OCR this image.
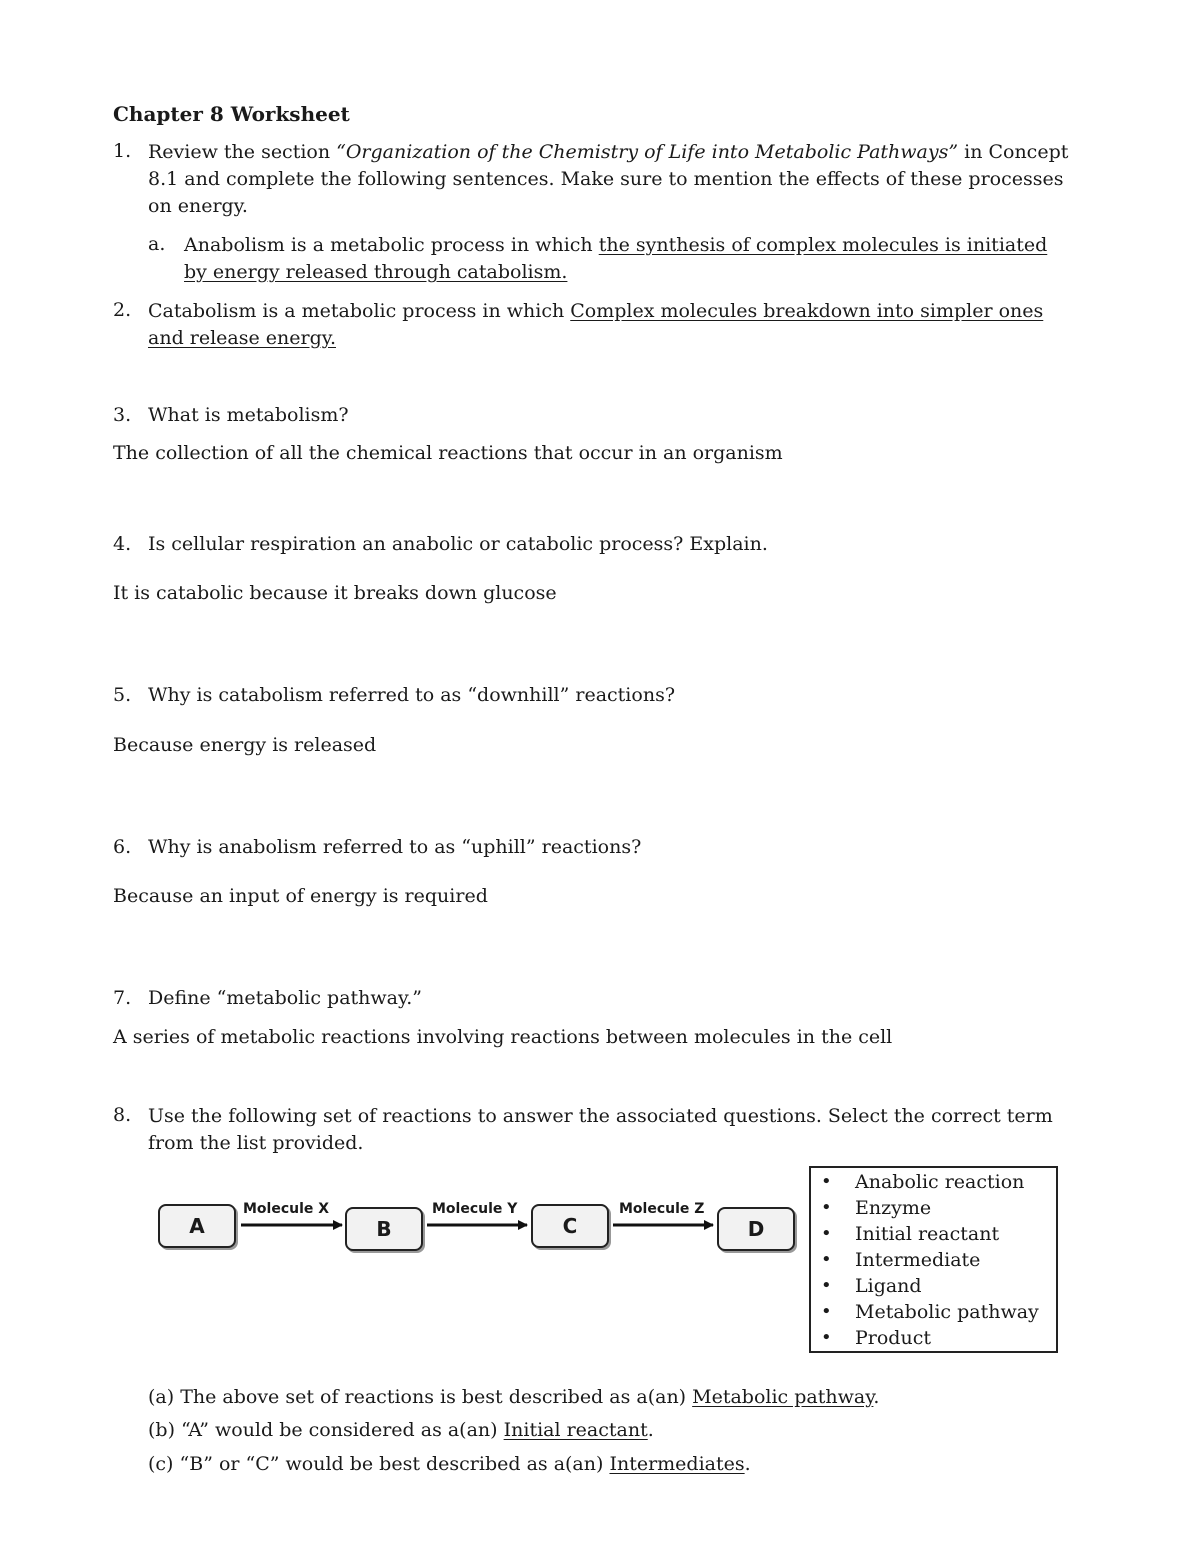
Chapter 8 Worksheet
1. Review the section “Organization of the Chemistry of Life into Metabolic Pathways” in Concept 8.1 and complete the following sentences. Make sure to mention the effects of these processes on energy.
a. Anabolism is a metabolic process in which the synthesis of complex molecules is initiated by energy released through catabolism.
2. Catabolism is a metabolic process in which Complex molecules breakdown into simpler ones and release energy.
3. What is metabolism?
The collection of all the chemical reactions that occur in an organism
4. Is cellular respiration an anabolic or catabolic process? Explain.
It is catabolic because it breaks down glucose
5. Why is catabolism referred to as “downhill” reactions?
Because energy is released
6. Why is anabolism referred to as “uphill” reactions?
Because an input of energy is required
7. Define “metabolic pathway.”
A series of metabolic reactions involving reactions between molecules in the cell
8. Use the following set of reactions to answer the associated questions. Select the correct term from the list provided.
A	B	C	D
Molecule X	Molecule Y	Molecule Z
• Anabolic reaction
• Enzyme
• Initial reactant
• Intermediate
• Ligand
• Metabolic pathway
• Product
(a) The above set of reactions is best described as a(an) Metabolic pathway.
(b) “A” would be considered as a(an) Initial reactant.
(c) “B” or “C” would be best described as a(an) Intermediates.
